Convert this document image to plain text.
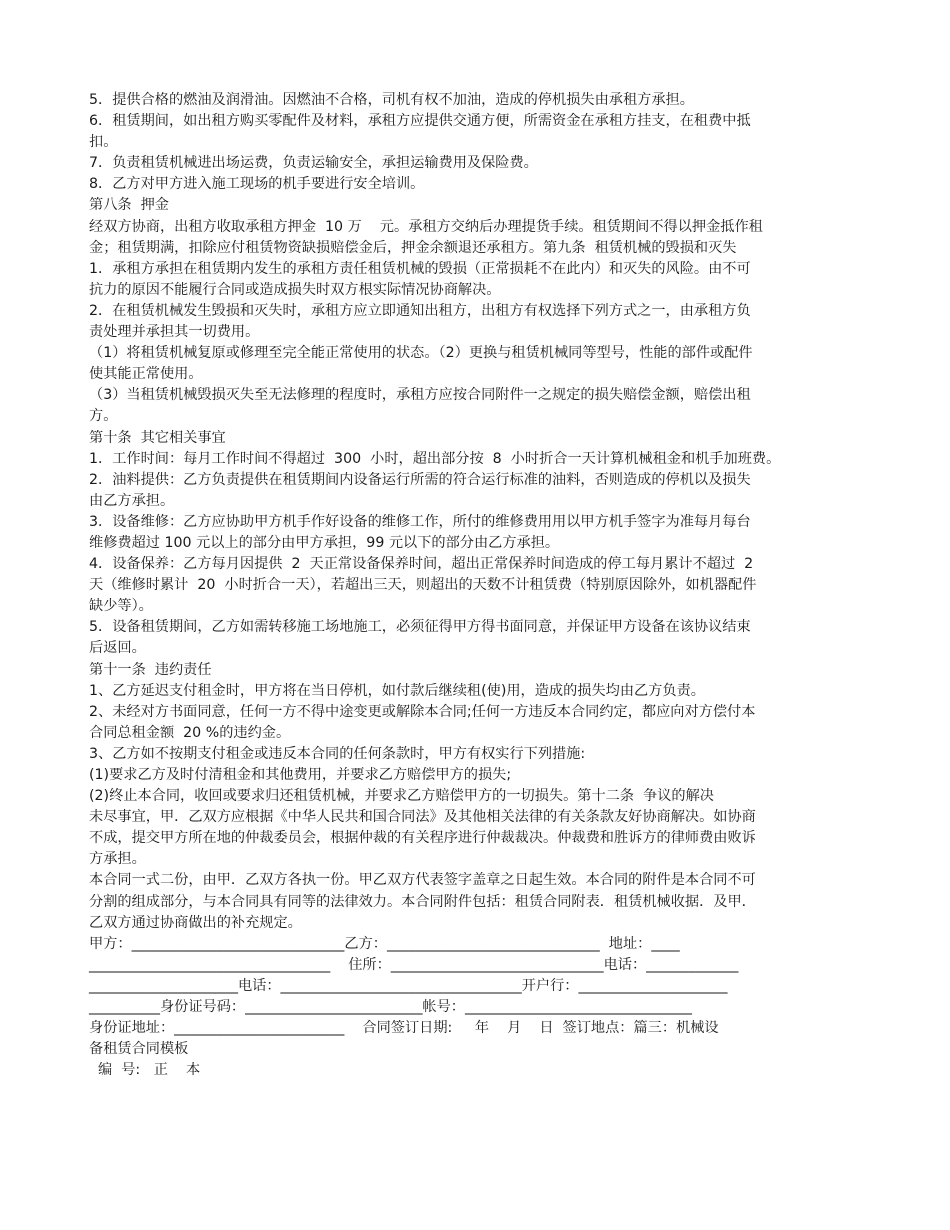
5．提供合格的燃油及润滑油。因燃油不合格，司机有权不加油，造成的停机损失由承租方承担。
6．租赁期间，如出租方购买零配件及材料，承租方应提供交通方便，所需资金在承租方挂支，在租费中抵
扣。
7．负责租赁机械进出场运费，负责运输安全，承担运输费用及保险费。
8．乙方对甲方进入施工现场的机手要进行安全培训。
第八条  押金
经双方协商，出租方收取承租方押金  10 万    元。承租方交纳后办理提货手续。租赁期间不得以押金抵作租
金；租赁期满，扣除应付租赁物资缺损赔偿金后，押金余额退还承租方。第九条  租赁机械的毁损和灭失
1．承租方承担在租赁期内发生的承租方责任租赁机械的毁损（正常损耗不在此内）和灭失的风险。由不可
抗力的原因不能履行合同或造成损失时双方根实际情况协商解决。
2．在租赁机械发生毁损和灭失时，承租方应立即通知出租方，出租方有权选择下列方式之一，由承租方负
责处理并承担其一切费用。
（1）将租赁机械复原或修理至完全能正常使用的状态。（2）更换与租赁机械同等型号，性能的部件或配件
使其能正常使用。
（3）当租赁机械毁损灭失至无法修理的程度时，承租方应按合同附件一之规定的损失赔偿金额，赔偿出租
方。
第十条  其它相关事宜
1．工作时间：每月工作时间不得超过  300  小时，超出部分按  8  小时折合一天计算机械租金和机手加班费。
2．油料提供：乙方负责提供在租赁期间内设备运行所需的符合运行标准的油料，否则造成的停机以及损失
由乙方承担。
3．设备维修：乙方应协助甲方机手作好设备的维修工作，所付的维修费用用以甲方机手签字为准每月每台
维修费超过 100 元以上的部分由甲方承担，99 元以下的部分由乙方承担。
4．设备保养：乙方每月因提供  2  天正常设备保养时间，超出正常保养时间造成的停工每月累计不超过  2
天（维修时累计  20  小时折合一天），若超出三天，则超出的天数不计租赁费（特别原因除外，如机器配件
缺少等）。
5．设备租赁期间，乙方如需转移施工场地施工，必须征得甲方得书面同意，并保证甲方设备在该协议结束
后返回。
第十一条  违约责任
1、乙方延迟支付租金时，甲方将在当日停机，如付款后继续租(使)用，造成的损失均由乙方负责。
2、未经对方书面同意，任何一方不得中途变更或解除本合同;任何一方违反本合同约定，都应向对方偿付本
合同总租金额  20 %的违约金。
3、乙方如不按期支付租金或违反本合同的任何条款时，甲方有权实行下列措施:
(1)要求乙方及时付清租金和其他费用，并要求乙方赔偿甲方的损失;
(2)终止本合同，收回或要求归还租赁机械，并要求乙方赔偿甲方的一切损失。第十二条  争议的解决
未尽事宜，甲．乙双方应根据《中华人民共和国合同法》及其他相关法律的有关条款友好协商解决。如协商
不成，提交甲方所在地的仲裁委员会，根据仲裁的有关程序进行仲裁裁决。仲裁费和胜诉方的律师费由败诉
方承担。
本合同一式二份，由甲．乙双方各执一份。甲乙双方代表签字盖章之日起生效。本合同的附件是本合同不可
分割的组成部分，与本合同具有同等的法律效力。本合同附件包括：租赁合同附表．租赁机械收据．及甲．
乙双方通过协商做出的补充规定。
甲方：______________________________乙方：______________________________  地址：____
__________________________________    住所：______________________________电话：_____________
_____________________电话：__________________________________开户行：_____________________
__________身份证号码：_________________________帐号：________________________________
身份证地址：________________________    合同签订日期:     年    月    日  签订地点：篇三：机械设
备租赁合同模板
编  号:   正    本
